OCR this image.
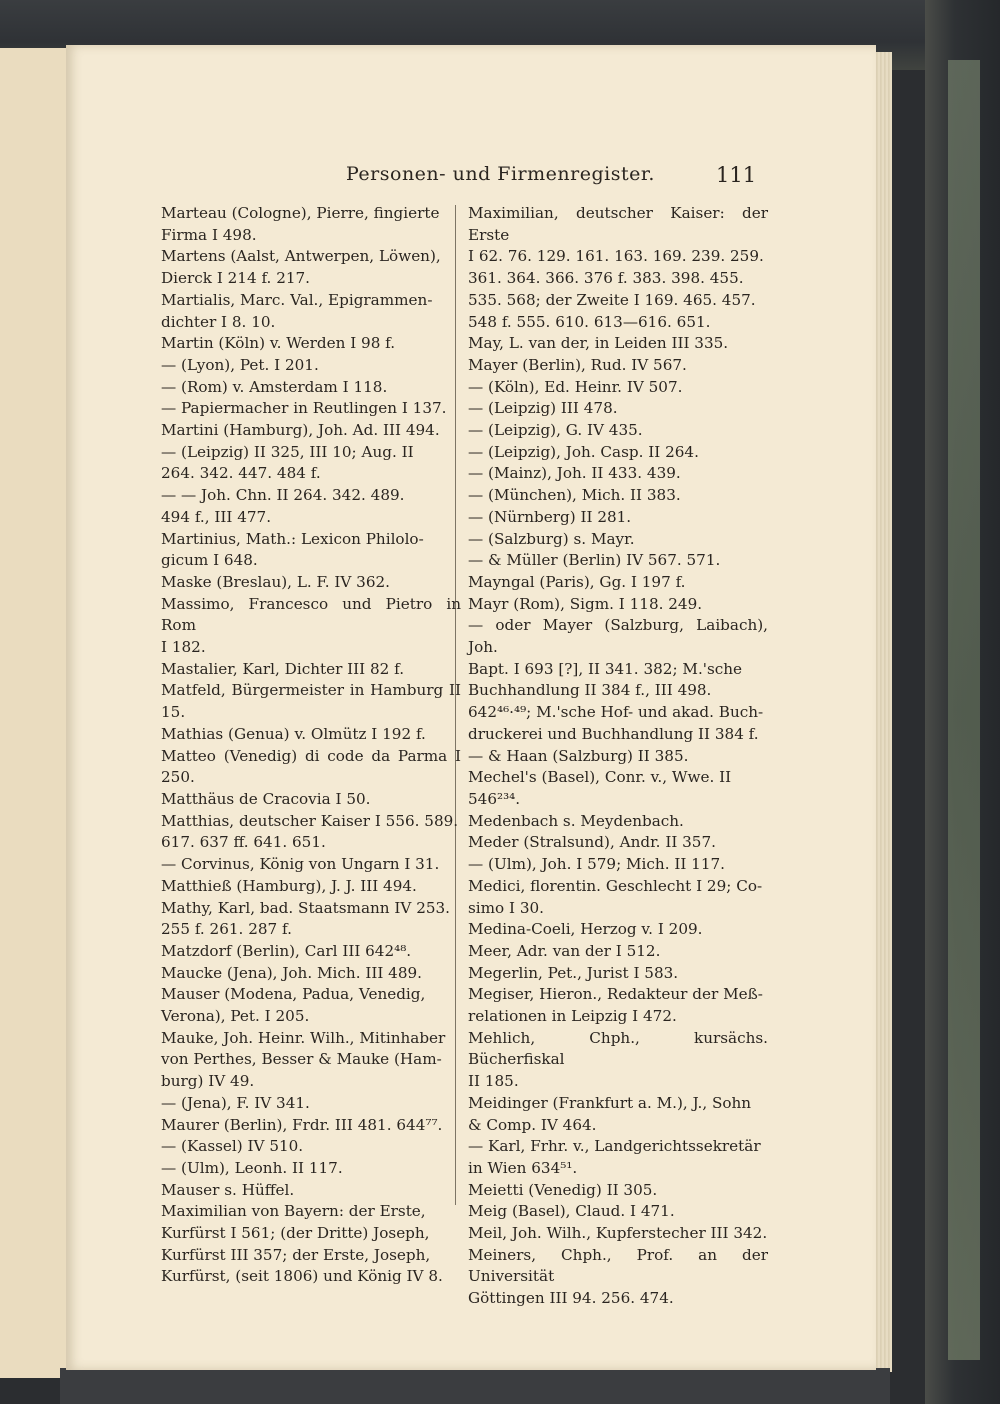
Personen- und Firmenregister.	111
Marteau (Cologne), Pierre, fingierte
Firma I 498.
Martens (Aalst, Antwerpen, Löwen),
Dierck I 214 f. 217.
Martialis, Marc. Val., Epigrammen-
dichter I 8. 10.
Martin (Köln) v. Werden I 98 f.
— (Lyon), Pet. I 201.
— (Rom) v. Amsterdam I 118.
— Papiermacher in Reutlingen I 137.
Martini (Hamburg), Joh. Ad. III 494.
— (Leipzig) II 325, III 10; Aug. II
264. 342. 447. 484 f.
— — Joh. Chn. II 264. 342. 489.
494 f., III 477.
Martinius, Math.: Lexicon Philolo-
gicum I 648.
Maske (Breslau), L. F. IV 362.
Massimo, Francesco und Pietro in Rom
I 182.
Mastalier, Karl, Dichter III 82 f.
Matfeld, Bürgermeister in Hamburg II 15.
Mathias (Genua) v. Olmütz I 192 f.
Matteo (Venedig) di code da Parma I 250.
Matthäus de Cracovia I 50.
Matthias, deutscher Kaiser I 556. 589.
617. 637 ff. 641. 651.
— Corvinus, König von Ungarn I 31.
Matthieß (Hamburg), J. J. III 494.
Mathy, Karl, bad. Staatsmann IV 253.
255 f. 261. 287 f.
Matzdorf (Berlin), Carl III 642⁴⁸.
Maucke (Jena), Joh. Mich. III 489.
Mauser (Modena, Padua, Venedig,
Verona), Pet. I 205.
Mauke, Joh. Heinr. Wilh., Mitinhaber
von Perthes, Besser & Mauke (Ham-
burg) IV 49.
— (Jena), F. IV 341.
Maurer (Berlin), Frdr. III 481. 644⁷⁷.
— (Kassel) IV 510.
— (Ulm), Leonh. II 117.
Mauser s. Hüffel.
Maximilian von Bayern: der Erste,
Kurfürst I 561; (der Dritte) Joseph,
Kurfürst III 357; der Erste, Joseph,
Kurfürst, (seit 1806) und König IV 8.
Maximilian, deutscher Kaiser: der Erste
I 62. 76. 129. 161. 163. 169. 239. 259.
361. 364. 366. 376 f. 383. 398. 455.
535. 568; der Zweite I 169. 465. 457.
548 f. 555. 610. 613—616. 651.
May, L. van der, in Leiden III 335.
Mayer (Berlin), Rud. IV 567.
— (Köln), Ed. Heinr. IV 507.
— (Leipzig) III 478.
— (Leipzig), G. IV 435.
— (Leipzig), Joh. Casp. II 264.
— (Mainz), Joh. II 433. 439.
— (München), Mich. II 383.
— (Nürnberg) II 281.
— (Salzburg) s. Mayr.
— & Müller (Berlin) IV 567. 571.
Mayngal (Paris), Gg. I 197 f.
Mayr (Rom), Sigm. I 118. 249.
— oder Mayer (Salzburg, Laibach), Joh.
Bapt. I 693 [?], II 341. 382; M.'sche
Buchhandlung II 384 f., III 498.
642⁴⁶·⁴⁹; M.'sche Hof- und akad. Buch-
druckerei und Buchhandlung II 384 f.
— & Haan (Salzburg) II 385.
Mechel's (Basel), Conr. v., Wwe. II
546²³⁴.
Medenbach s. Meydenbach.
Meder (Stralsund), Andr. II 357.
— (Ulm), Joh. I 579; Mich. II 117.
Medici, florentin. Geschlecht I 29; Co-
simo I 30.
Medina-Coeli, Herzog v. I 209.
Meer, Adr. van der I 512.
Megerlin, Pet., Jurist I 583.
Megiser, Hieron., Redakteur der Meß-
relationen in Leipzig I 472.
Mehlich, Chph., kursächs. Bücherfiskal
II 185.
Meidinger (Frankfurt a. M.), J., Sohn
& Comp. IV 464.
— Karl, Frhr. v., Landgerichtssekretär
in Wien 634⁵¹.
Meietti (Venedig) II 305.
Meig (Basel), Claud. I 471.
Meil, Joh. Wilh., Kupferstecher III 342.
Meiners, Chph., Prof. an der Universität
Göttingen III 94. 256. 474.
